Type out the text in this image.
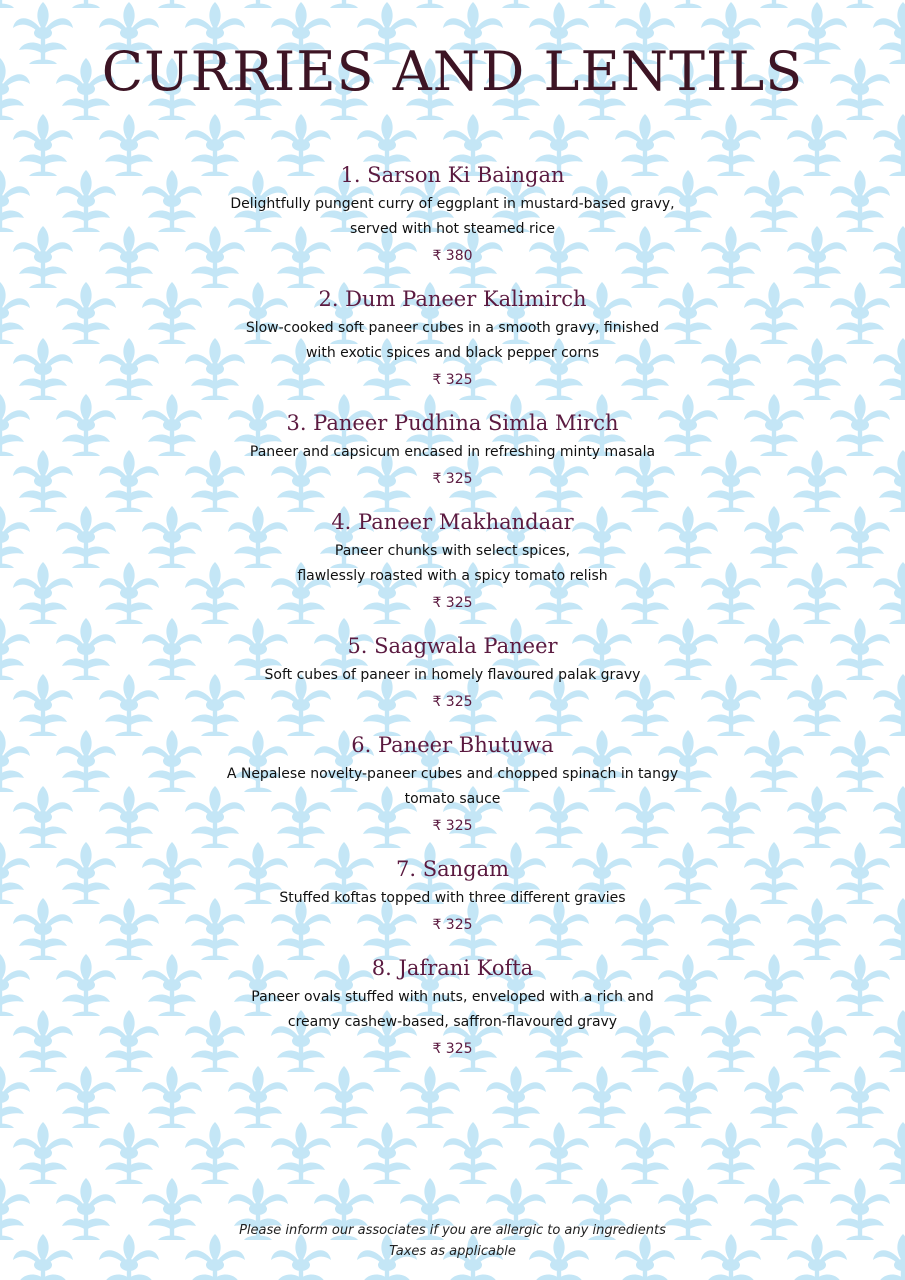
CURRIES AND LENTILS
1. Sarson Ki Baingan
Delightfully pungent curry of eggplant in mustard-based gravy,
served with hot steamed rice
₹ 380
2. Dum Paneer Kalimirch
Slow-cooked soft paneer cubes in a smooth gravy, finished
with exotic spices and black pepper corns
₹ 325
3. Paneer Pudhina Simla Mirch
Paneer and capsicum encased in refreshing minty masala
₹ 325
4. Paneer Makhandaar
Paneer chunks with select spices,
flawlessly roasted with a spicy tomato relish
₹ 325
5. Saagwala Paneer
Soft cubes of paneer in homely flavoured palak gravy
₹ 325
6. Paneer Bhutuwa
A Nepalese novelty-paneer cubes and chopped spinach in tangy
tomato sauce
₹ 325
7. Sangam
Stuffed koftas topped with three different gravies
₹ 325
8. Jafrani Kofta
Paneer ovals stuffed with nuts, enveloped with a rich and
creamy cashew-based, saffron-flavoured gravy
₹ 325
Please inform our associates if you are allergic to any ingredients
Taxes as applicable
